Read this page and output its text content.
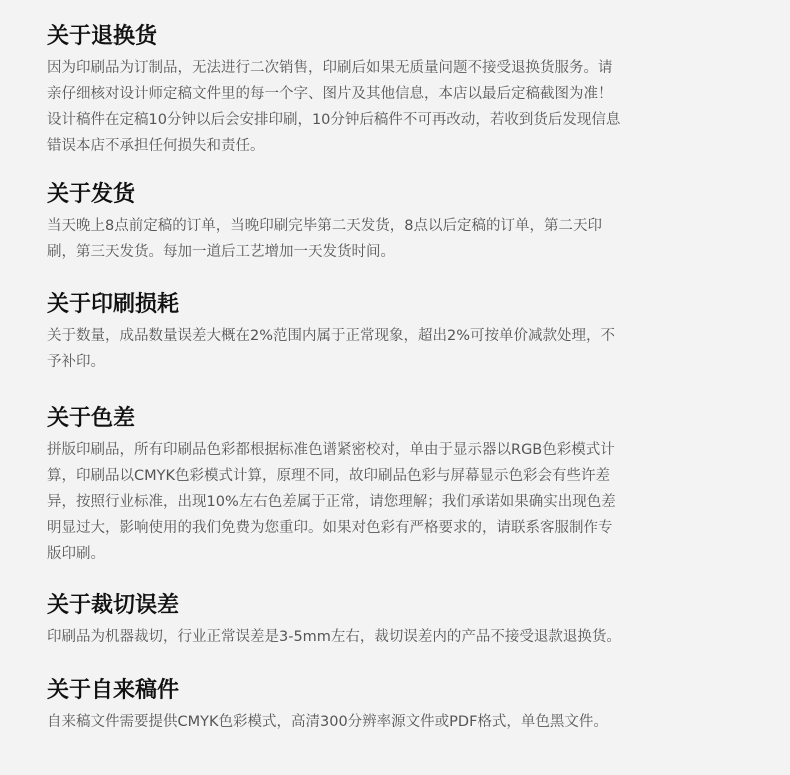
关于退换货

因为印刷品为订制品，无法进行二次销售，印刷后如果无质量问题不接受退换货服务。请
亲仔细核对设计师定稿文件里的每一个字、图片及其他信息，本店以最后定稿截图为准！
设计稿件在定稿10分钟以后会安排印刷，10分钟后稿件不可再改动，若收到货后发现信息
错误本店不承担任何损失和责任。

关于发货

当天晚上8点前定稿的订单，当晚印刷完毕第二天发货，8点以后定稿的订单，第二天印
刷，第三天发货。每加一道后工艺增加一天发货时间。

关于印刷损耗

关于数量，成品数量误差大概在2%范围内属于正常现象，超出2%可按单价减款处理，不
予补印。

关于色差

拼版印刷品，所有印刷品色彩都根据标准色谱紧密校对，单由于显示器以RGB色彩模式计
算，印刷品以CMYK色彩模式计算，原理不同，故印刷品色彩与屏幕显示色彩会有些许差
异，按照行业标准，出现10%左右色差属于正常，请您理解；我们承诺如果确实出现色差
明显过大，影响使用的我们免费为您重印。如果对色彩有严格要求的，请联系客服制作专
版印刷。

关于裁切误差

印刷品为机器裁切，行业正常误差是3-5mm左右，裁切误差内的产品不接受退款退换货。

关于自来稿件

自来稿文件需要提供CMYK色彩模式，高清300分辨率源文件或PDF格式，单色黑文件。
